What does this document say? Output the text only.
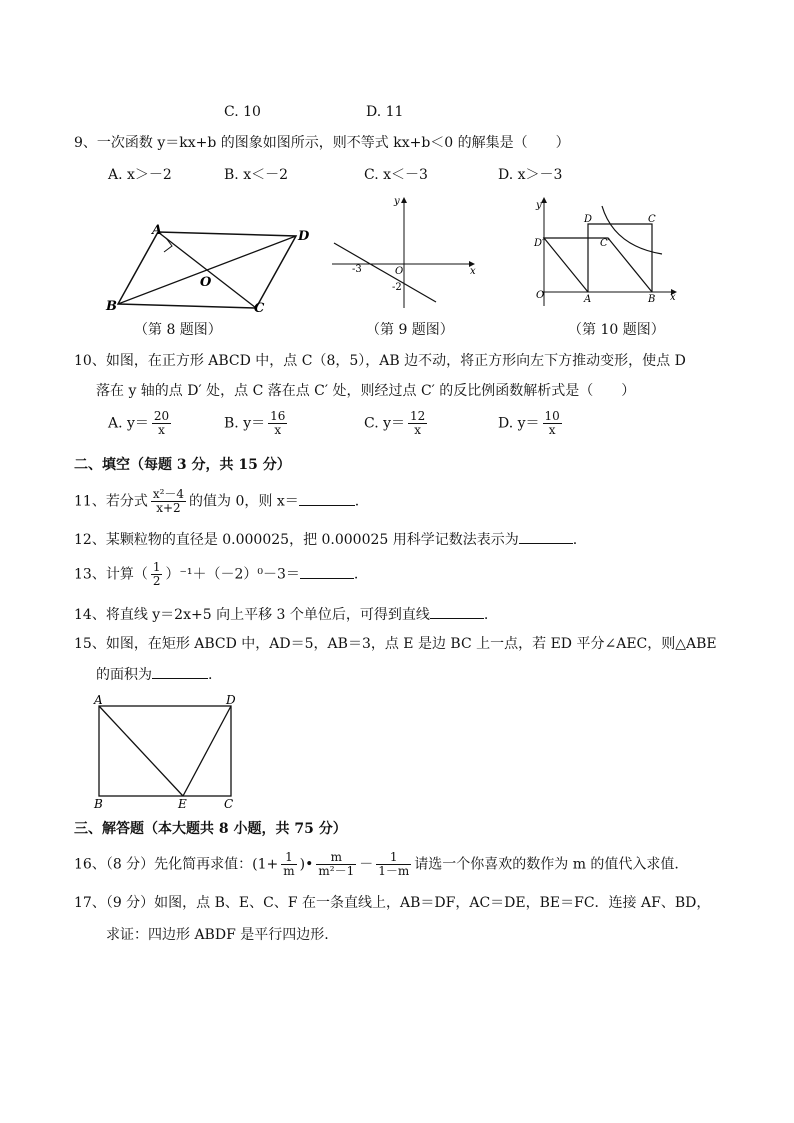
C. 10	D. 11
9、一次函数 y＝kx+b 的图象如图所示，则不等式 kx+b＜0 的解集是（　　）
A. x＞－2	B. x＜－2	C. x＜－3	D. x＞－3
A	D
B	C
O
（第 8 题图）
x
y
O
-3
-2
（第 9 题图）
y
x
O
D	C
D′	C′
A	B
（第 10 题图）
10、如图，在正方形 ABCD 中，点 C（8，5），AB 边不动，将正方形向左下方推动变形，使点 D
落在 y 轴的点 D′ 处，点 C 落在点 C′ 处，则经过点 C′ 的反比例函数解析式是（　　）
A. $y= \frac{20}{x}$	B. $y= \frac{16}{x}$	C. $y= \frac{12}{x}$	D. $y= \frac{10}{x}$
二、填空（每题 3 分，共 15 分）
11、若分式 $\frac{\text{x²－4}}{x+2}$ 的值为 0，则 x＝	.
12、某颗粒物的直径是 0.000025，把 0.000025 用科学记数法表示为	.
13、计算（ $\frac{1}{2} )^{-1}+(-2)^0-3=$	.
14、将直线 y＝2x+5 向上平移 3 个单位后，可得到直线	.
15、如图，在矩形 ABCD 中，AD＝5，AB＝3，点 E 是边 BC 上一点，若 ED 平分∠AEC，则△ABE
的面积为	.
A	D
B	E	C
三、解答题（本大题共 8 小题，共 75 分）
16、（8 分）先化简再求值：($1+ \frac{1}{m}$ )• $\frac{m}{\text{m²－1}} - \frac{1}{1-m}$ 请选一个你喜欢的数作为 m 的值代入求值.
17、（9 分）如图，点 B、E、C、F 在一条直线上，AB＝DF，AC＝DE，BE＝FC．连接 AF、BD，
求证：四边形 ABDF 是平行四边形.
